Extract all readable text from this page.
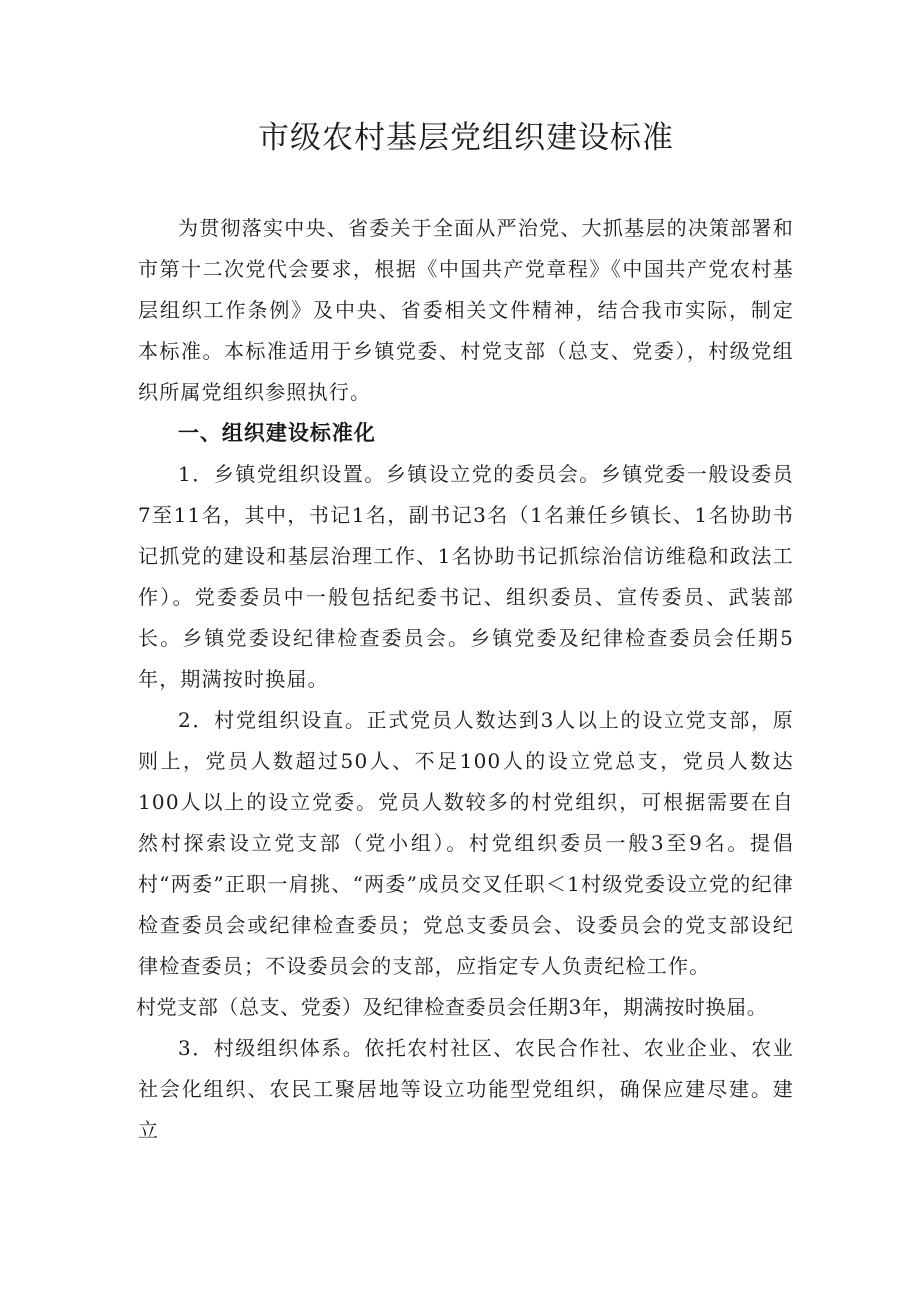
市级农村基层党组织建设标准

为贯彻落实中央、省委关于全面从严治党、大抓基层的决策部署和市第十二次党代会要求，根据《中国共产党章程》《中国共产党农村基层组织工作条例》及中央、省委相关文件精神，结合我市实际，制定本标准。本标准适用于乡镇党委、村党支部（总支、党委），村级党组织所属党组织参照执行。

一、组织建设标准化

1．乡镇党组织设置。乡镇设立党的委员会。乡镇党委一般设委员7至11名，其中，书记1名，副书记3名（1名兼任乡镇长、1名协助书记抓党的建设和基层治理工作、1名协助书记抓综治信访维稳和政法工作）。党委委员中一般包括纪委书记、组织委员、宣传委员、武装部长。乡镇党委设纪律检查委员会。乡镇党委及纪律检查委员会任期5年，期满按时换届。

2．村党组织设直。正式党员人数达到3人以上的设立党支部，原则上，党员人数超过50人、不足100人的设立党总支，党员人数达100人以上的设立党委。党员人数较多的村党组织，可根据需要在自然村探索设立党支部（党小组）。村党组织委员一般3至9名。提倡村“两委”正职一肩挑、“两委”成员交叉任职＜1村级党委设立党的纪律检查委员会或纪律检查委员；党总支委员会、设委员会的党支部设纪律检查委员；不设委员会的支部，应指定专人负责纪检工作。

村党支部（总支、党委）及纪律检查委员会任期3年，期满按时换届。

3．村级组织体系。依托农村社区、农民合作社、农业企业、农业社会化组织、农民工聚居地等设立功能型党组织，确保应建尽建。建立
